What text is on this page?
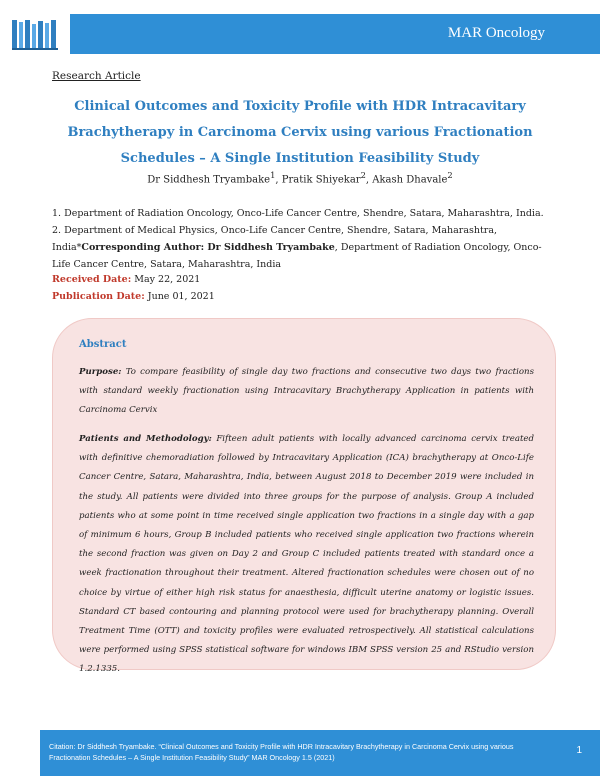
MAR Oncology
Research Article
Clinical Outcomes and Toxicity Profile with HDR Intracavitary
Brachytherapy in Carcinoma Cervix using various Fractionation
Schedules – A Single Institution Feasibility Study
Dr Siddhesh Tryambake$^1$, Pratik Shiyekar$^2$, Akash Dhavale$^2$
1. Department of Radiation Oncology, Onco-Life Cancer Centre, Shendre, Satara, Maharashtra, India.
2. Department of Medical Physics, Onco-Life Cancer Centre, Shendre, Satara, Maharashtra, India*Corresponding Author: Dr Siddhesh Tryambake, Department of Radiation Oncology, Onco-Life Cancer Centre, Satara, Maharashtra, India
Received Date: May 22, 2021
Publication Date: June 01, 2021
Abstract
Purpose: To compare feasibility of single day two fractions and consecutive two days two fractions with standard weekly fractionation using Intracavitary Brachytherapy Application in patients with Carcinoma Cervix
Patients and Methodology: Fifteen adult patients with locally advanced carcinoma cervix treated with definitive chemoradiation followed by Intracavitary Application (ICA) brachytherapy at Onco-Life Cancer Centre, Satara, Maharashtra, India, between August 2018 to December 2019 were included in the study. All patients were divided into three groups for the purpose of analysis. Group A included patients who at some point in time received single application two fractions in a single day with a gap of minimum 6 hours, Group B included patients who received single application two fractions wherein the second fraction was given on Day 2 and Group C included patients treated with standard once a week fractionation throughout their treatment. Altered fractionation schedules were chosen out of no choice by virtue of either high risk status for anaesthesia, difficult uterine anatomy or logistic issues. Standard CT based contouring and planning protocol were used for brachytherapy planning. Overall Treatment Time (OTT) and toxicity profiles were evaluated retrospectively. All statistical calculations were performed using SPSS statistical software for windows IBM SPSS version 25 and RStudio version 1.2.1335.
Citation: Dr Siddhesh Tryambake. “Clinical Outcomes and Toxicity Profile with HDR Intracavitary Brachytherapy in Carcinoma Cervix using various Fractionation Schedules – A Single Institution Feasibility Study” MAR Oncology 1.5 (2021)
1
